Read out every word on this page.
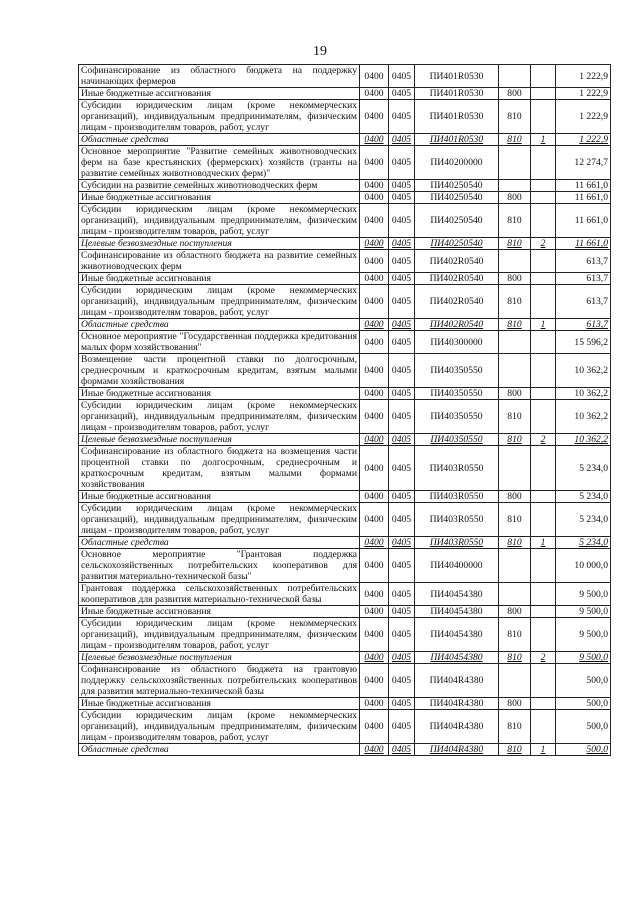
19
Софинансирование из областного бюджета на поддержку начинающих фермеров	0400	0405	ПИ401R0530			1 222,9
Иные бюджетные ассигнования	0400	0405	ПИ401R0530	800		1 222,9
Субсидии юридическим лицам (кроме некоммерческих организаций), индивидуальным предпринимателям, физическим лицам - производителям товаров, работ, услуг	0400	0405	ПИ401R0530	810		1 222,9
Областные средства	0400	0405	ПИ401R0530	810	1	1 222,9
Основное мероприятие "Развитие семейных животноводческих ферм на базе крестьянских (фермерских) хозяйств (гранты на развитие семейных животноводческих ферм)"	0400	0405	ПИ40200000			12 274,7
Субсидии на развитие семейных животноводческих ферм	0400	0405	ПИ40250540			11 661,0
Иные бюджетные ассигнования	0400	0405	ПИ40250540	800		11 661,0
Субсидии юридическим лицам (кроме некоммерческих организаций), индивидуальным предпринимателям, физическим лицам - производителям товаров, работ, услуг	0400	0405	ПИ40250540	810		11 661,0
Целевые безвозмездные поступления	0400	0405	ПИ40250540	810	2	11 661,0
Софинансирование из областного бюджета на развитие семейных животноводческих ферм	0400	0405	ПИ402R0540			613,7
Иные бюджетные ассигнования	0400	0405	ПИ402R0540	800		613,7
Субсидии юридическим лицам (кроме некоммерческих организаций), индивидуальным предпринимателям, физическим лицам - производителям товаров, работ, услуг	0400	0405	ПИ402R0540	810		613,7
Областные средства	0400	0405	ПИ402R0540	810	1	613,7
Основное мероприятие "Государственная поддержка кредитования малых форм хозяйствования"	0400	0405	ПИ40300000			15 596,2
Возмещение части процентной ставки по долгосрочным, среднесрочным и краткосрочным кредитам, взятым малыми формами хозяйствования	0400	0405	ПИ40350550			10 362,2
Иные бюджетные ассигнования	0400	0405	ПИ40350550	800		10 362,2
Субсидии юридическим лицам (кроме некоммерческих организаций), индивидуальным предпринимателям, физическим лицам - производителям товаров, работ, услуг	0400	0405	ПИ40350550	810		10 362,2
Целевые безвозмездные поступления	0400	0405	ПИ40350550	810	2	10 362,2
Софинансирование из областного бюджета на возмещения части процентной ставки по долгосрочным, среднесрочным и краткосрочным кредитам, взятым малыми формами хозяйствования	0400	0405	ПИ403R0550			5 234,0
Иные бюджетные ассигнования	0400	0405	ПИ403R0550	800		5 234,0
Субсидии юридическим лицам (кроме некоммерческих организаций), индивидуальным предпринимателям, физическим лицам - производителям товаров, работ, услуг	0400	0405	ПИ403R0550	810		5 234,0
Областные средства	0400	0405	ПИ403R0550	810	1	5 234,0
Основное мероприятие "Грантовая поддержка сельскохозяйственных потребительских кооперативов для развития материально-технической базы"	0400	0405	ПИ40400000			10 000,0
Грантовая поддержка сельскохозяйственных потребительских кооперативов для развития материально-технической базы	0400	0405	ПИ40454380			9 500,0
Иные бюджетные ассигнования	0400	0405	ПИ40454380	800		9 500,0
Субсидии юридическим лицам (кроме некоммерческих организаций), индивидуальным предпринимателям, физическим лицам - производителям товаров, работ, услуг	0400	0405	ПИ40454380	810		9 500,0
Целевые безвозмездные поступления	0400	0405	ПИ40454380	810	2	9 500,0
Софинансирование из областного бюджета на грантовую поддержку сельскохозяйственных потребительских кооперативов для развития материально-технической базы	0400	0405	ПИ404R4380			500,0
Иные бюджетные ассигнования	0400	0405	ПИ404R4380	800		500,0
Субсидии юридическим лицам (кроме некоммерческих организаций), индивидуальным предпринимателям, физическим лицам - производителям товаров, работ, услуг	0400	0405	ПИ404R4380	810		500,0
Областные средства	0400	0405	ПИ404R4380	810	1	500,0
